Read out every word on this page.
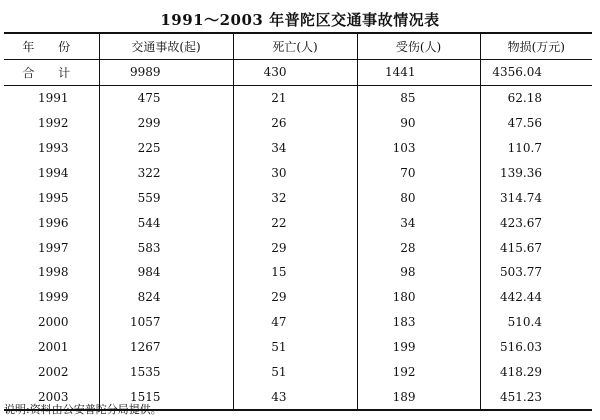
1991～2003 年普陀区交通事故情况表
年 份	交通事故(起)	死亡(人)	受伤(人)	物损(万元)
合 计	9989	430	1441	4356.04
1991	475	21	85	62.18
1992	299	26	90	47.56
1993	225	34	103	110.7
1994	322	30	70	139.36
1995	559	32	80	314.74
1996	544	22	34	423.67
1997	583	29	28	415.67
1998	984	15	98	503.77
1999	824	29	180	442.44
2000	1057	47	183	510.4
2001	1267	51	199	516.03
2002	1535	51	192	418.29
2003	1515	43	189	451.23
说明:资料由公安普陀分局提供。
